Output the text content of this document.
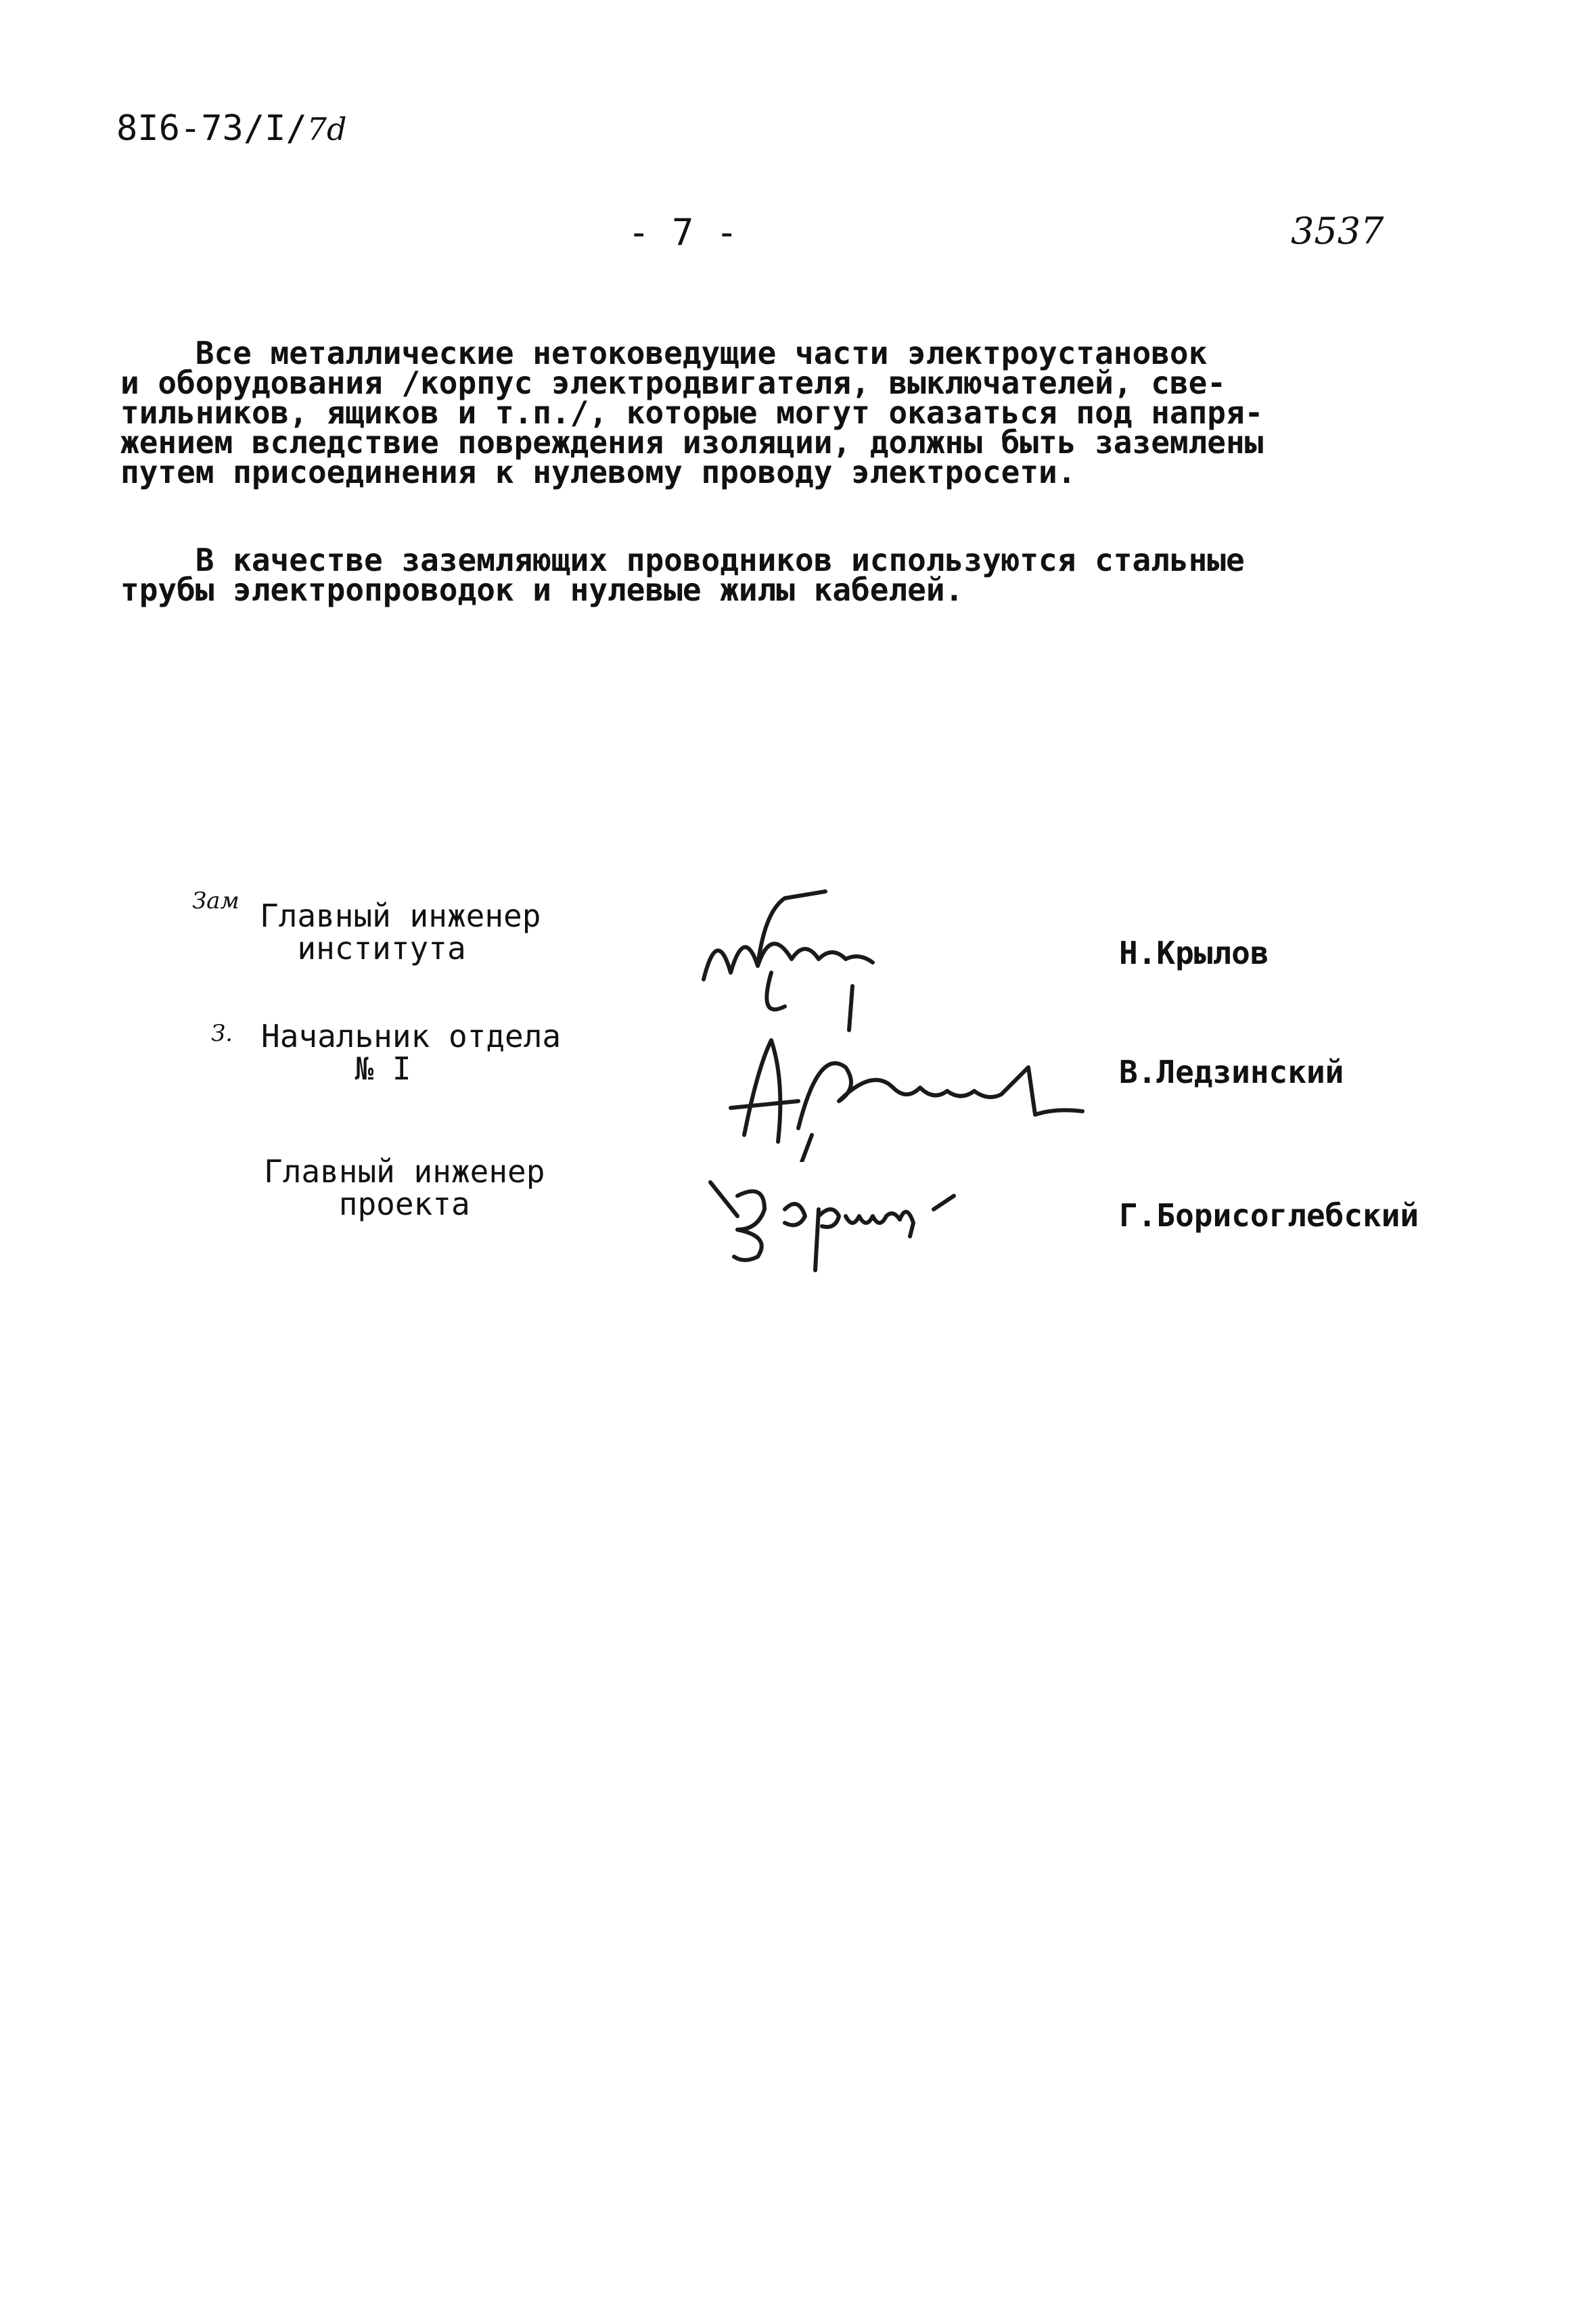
8I6-73/I/7d
- 7 -	3537
Все металлические нетоковедущие части электроустановок
и оборудования /корпус электродвигателя, выключателей, све-
тильников, ящиков и т.п./, которые могут оказаться под напря-
жением вследствие повреждения изоляции, должны быть заземлены
путем присоединения к нулевому проводу электросети.
В качестве заземляющих проводников используются стальные
трубы электропроводок и нулевые жилы кабелей.
Зам Главный инженер
института

	Н.Крылов
З. Начальник отдела
№ I

	В.Ледзинский
Главный инженер
проекта

	Г.Борисоглебский
